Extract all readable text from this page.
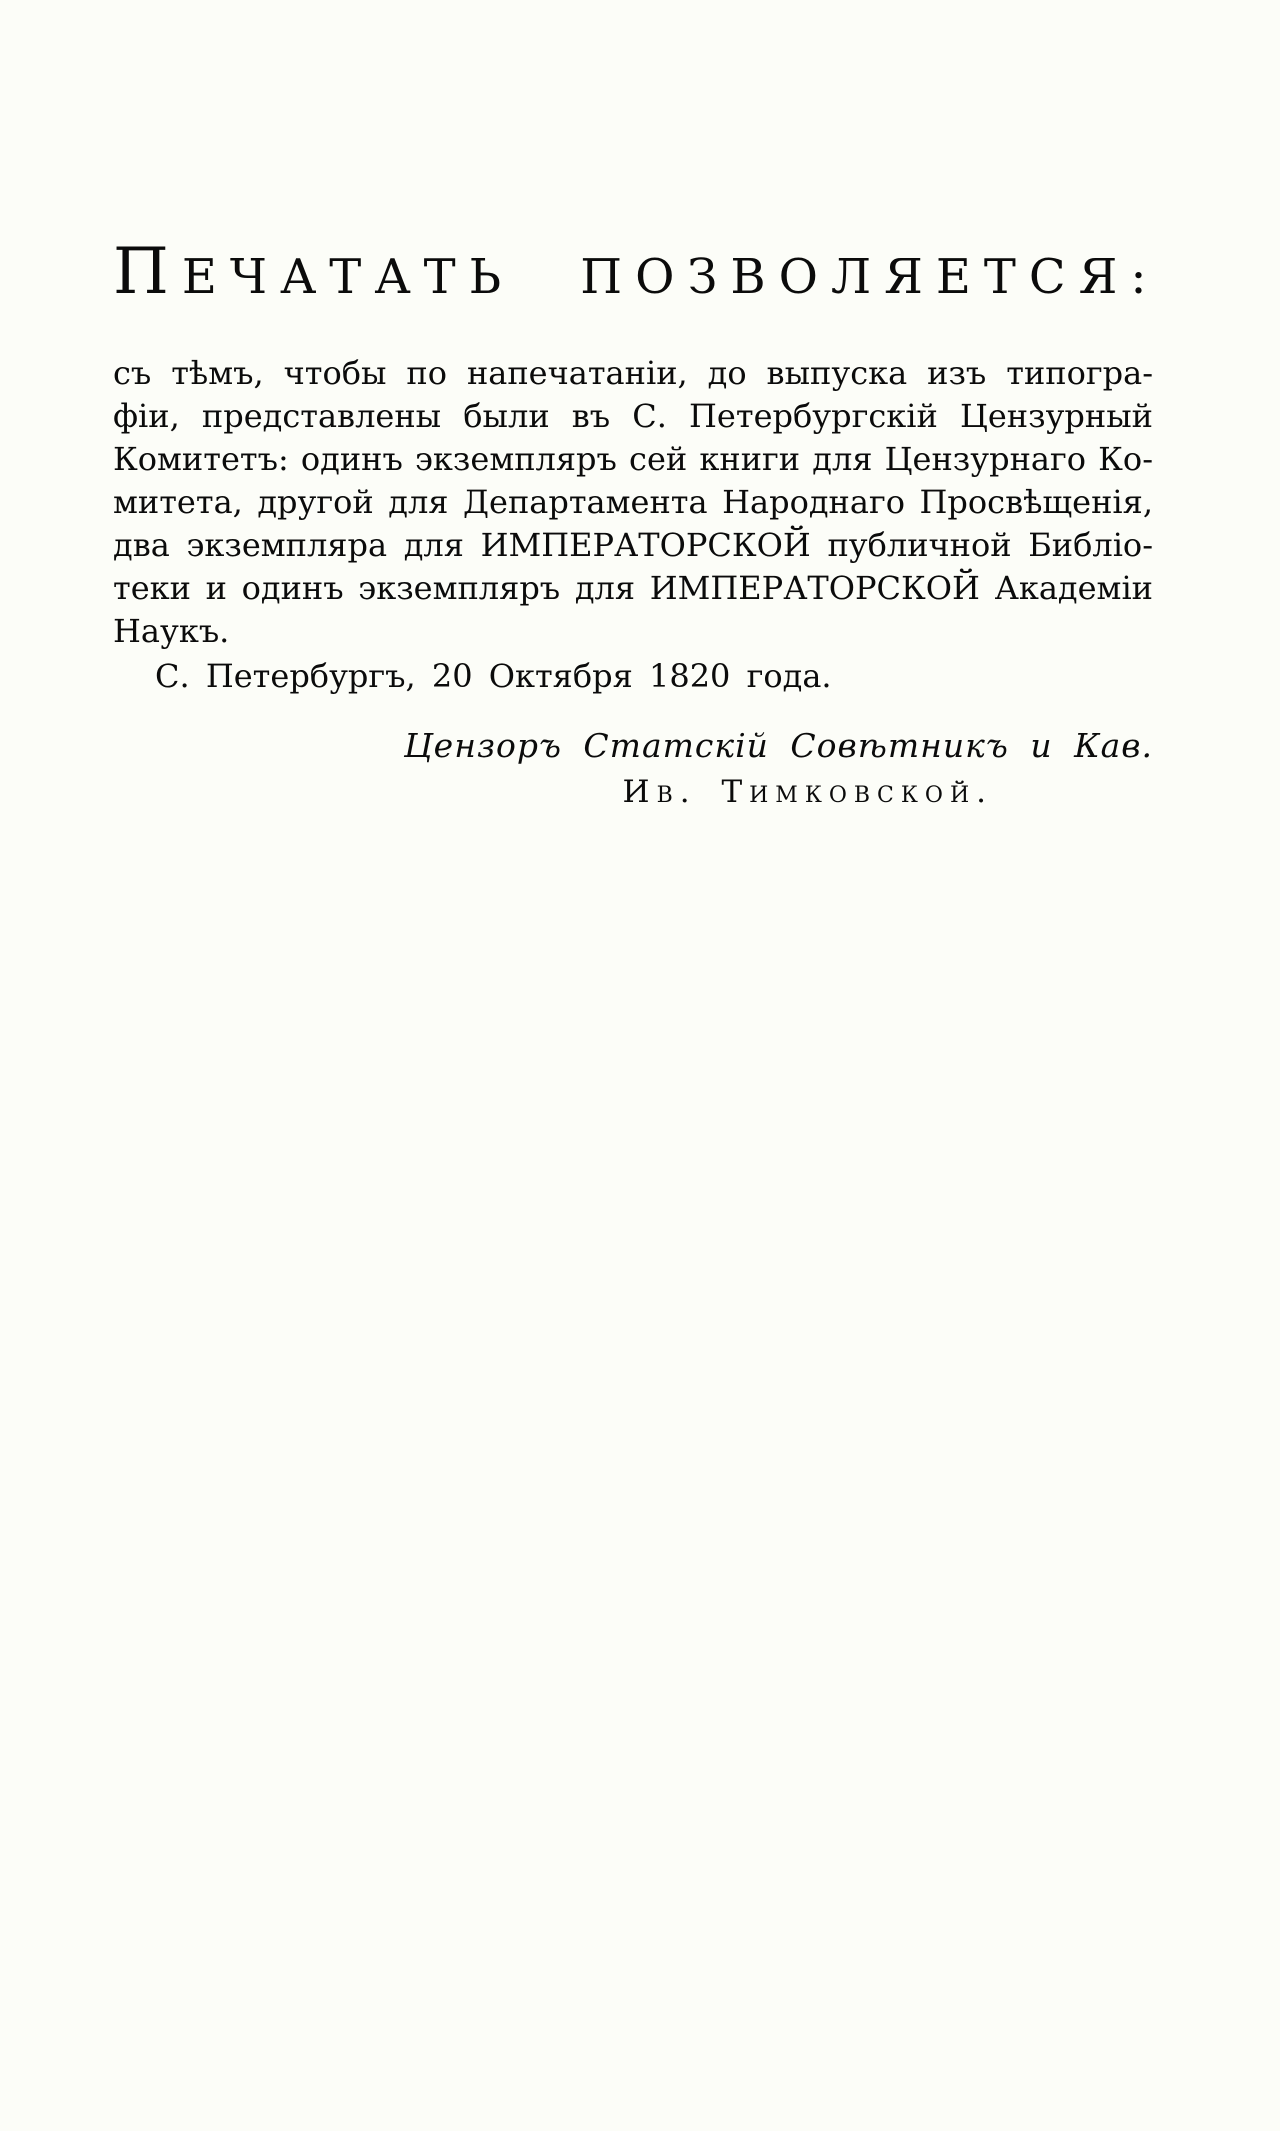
ПЕЧАТАТЬ ПОЗВОЛЯЕТСЯ:
съ тѣмъ, чтобы по напечатаніи, до выпуска изъ типогра-
фіи, представлены были въ С. Петербургскій Цензурный
Комитетъ: одинъ экземпляръ сей книги для Цензурнаго Ко-
митета, другой для Департамента Народнаго Просвѣщенія,
два экземпляра для ИМПЕРАТОРСКОЙ публичной Библіо-
теки и одинъ экземпляръ для ИМПЕРАТОРСКОЙ Академіи
Наукъ.
С. Петербургъ, 20 Октября 1820 года.
Цензоръ Статскій Совѣтникъ и Кав.
Ив. Тимковской.
